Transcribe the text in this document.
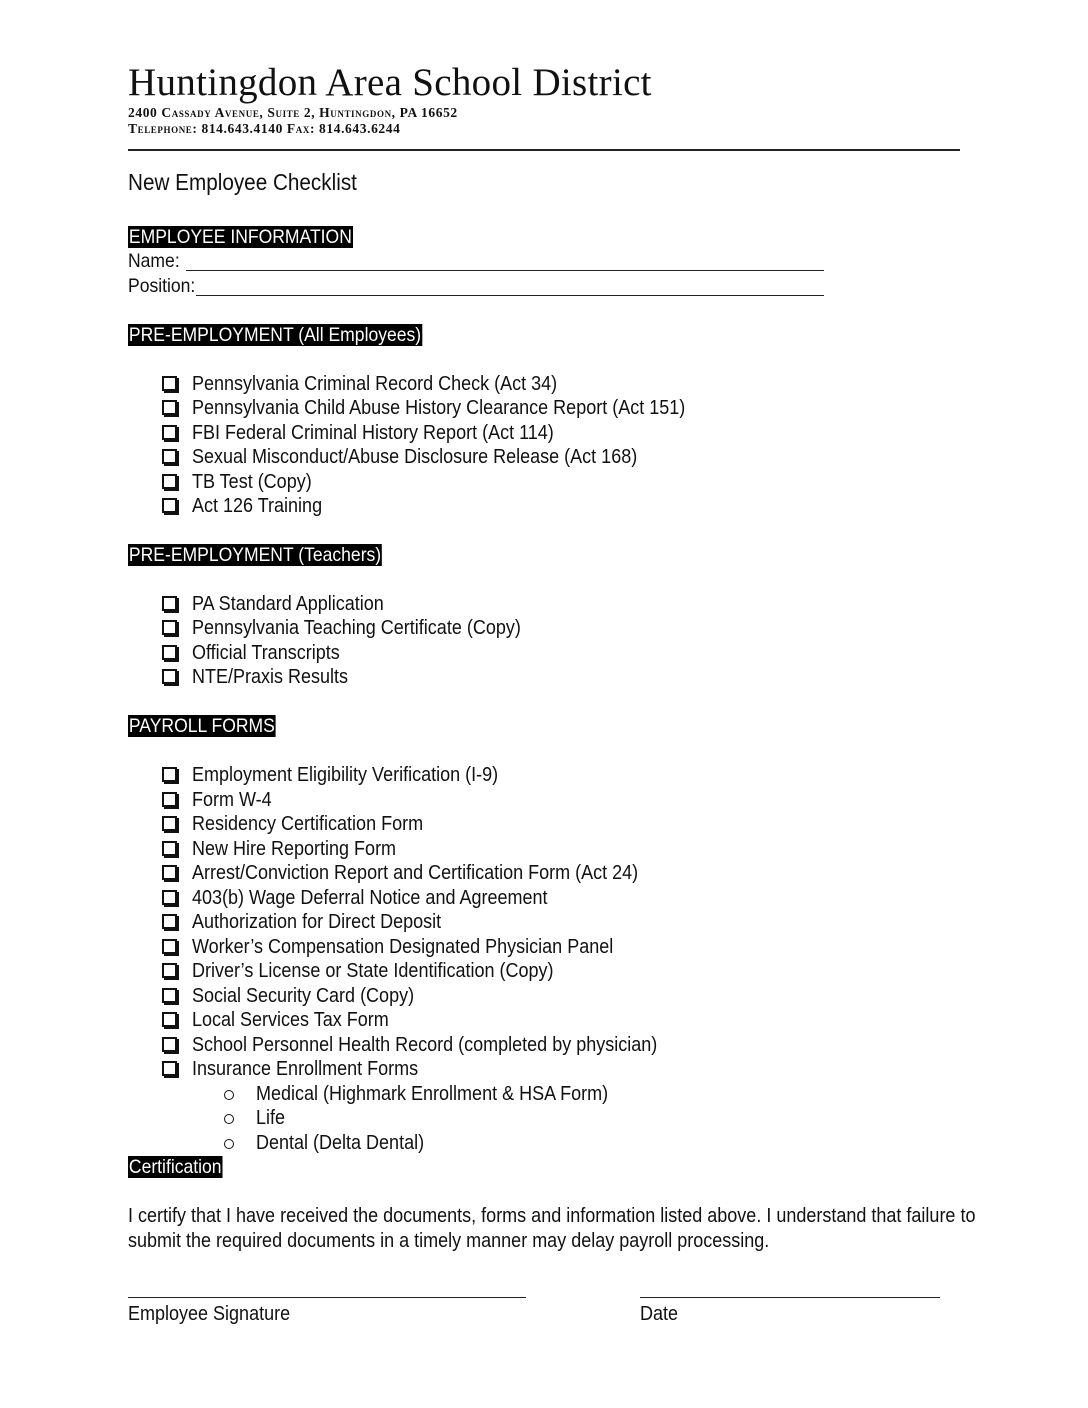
Huntingdon Area School District
2400 Cassady Avenue, Suite 2, Huntingdon, PA 16652
Telephone: 814.643.4140 Fax: 814.643.6244
New Employee Checklist
EMPLOYEE INFORMATION
Name:
Position:
PRE-EMPLOYMENT (All Employees)
Pennsylvania Criminal Record Check (Act 34)
Pennsylvania Child Abuse History Clearance Report (Act 151)
FBI Federal Criminal History Report (Act 114)
Sexual Misconduct/Abuse Disclosure Release (Act 168)
TB Test (Copy)
Act 126 Training
PRE-EMPLOYMENT (Teachers)
PA Standard Application
Pennsylvania Teaching Certificate (Copy)
Official Transcripts
NTE/Praxis Results
PAYROLL FORMS
Employment Eligibility Verification (I-9)
Form W-4
Residency Certification Form
New Hire Reporting Form
Arrest/Conviction Report and Certification Form (Act 24)
403(b) Wage Deferral Notice and Agreement
Authorization for Direct Deposit
Worker’s Compensation Designated Physician Panel
Driver’s License or State Identification (Copy)
Social Security Card (Copy)
Local Services Tax Form
School Personnel Health Record (completed by physician)
Insurance Enrollment Forms
Medical (Highmark Enrollment & HSA Form)
Life
Dental (Delta Dental)
Certification
I certify that I have received the documents, forms and information listed above. I understand that failure to
submit the required documents in a timely manner may delay payroll processing.
Employee Signature	Date
